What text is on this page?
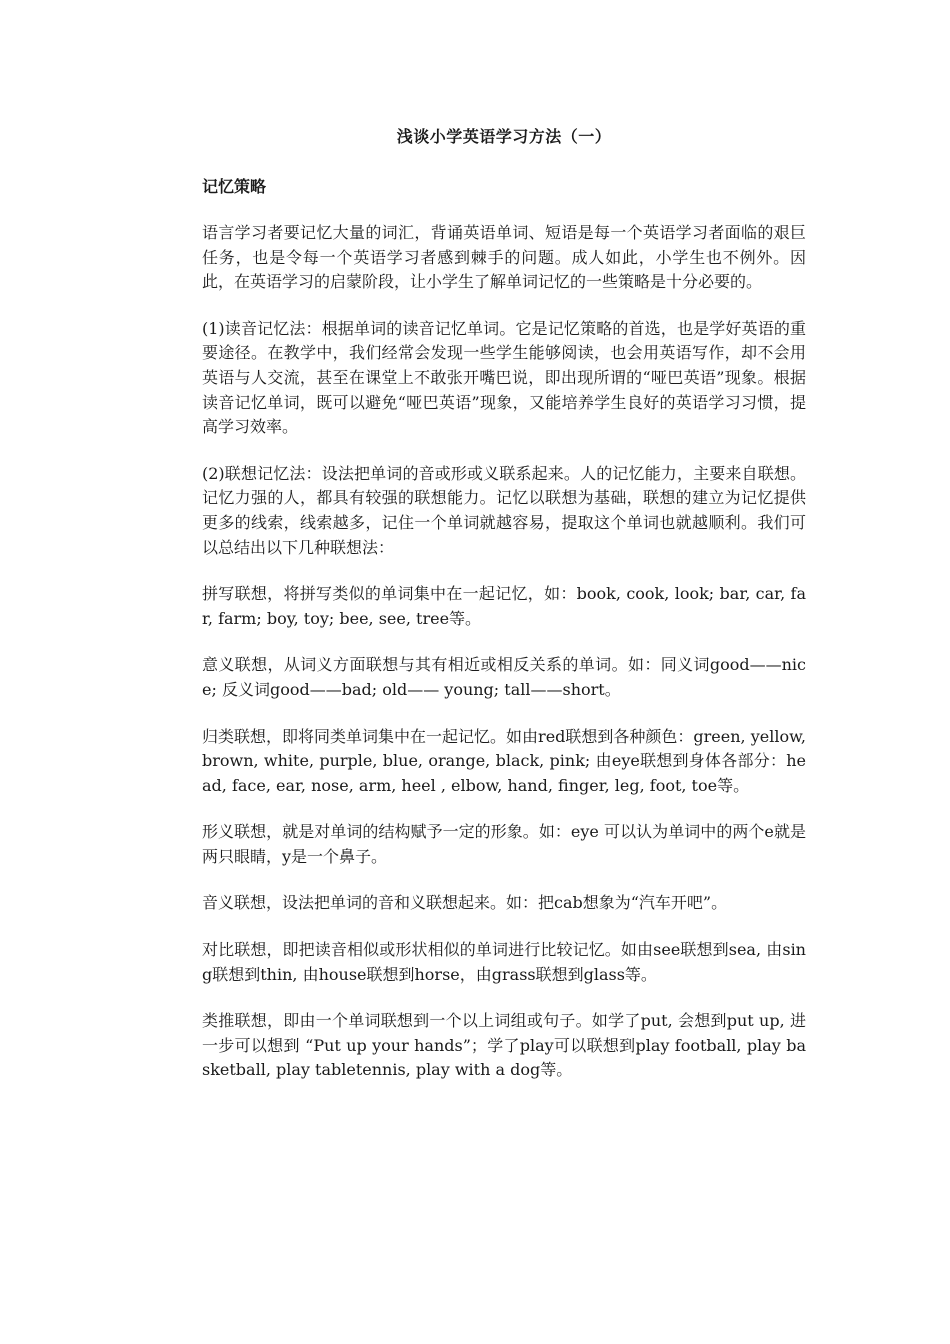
浅谈小学英语学习方法（一）
记忆策略

语言学习者要记忆大量的词汇，背诵英语单词、短语是每一个英语学习者面临的艰巨任务，也是令每一个英语学习者感到棘手的问题。成人如此，小学生也不例外。因此，在英语学习的启蒙阶段，让小学生了解单词记忆的一些策略是十分必要的。

(1)读音记忆法：根据单词的读音记忆单词。它是记忆策略的首选，也是学好英语的重要途径。在教学中，我们经常会发现一些学生能够阅读，也会用英语写作，却不会用英语与人交流，甚至在课堂上不敢张开嘴巴说，即出现所谓的“哑巴英语”现象。根据读音记忆单词，既可以避免“哑巴英语”现象，又能培养学生良好的英语学习习惯，提高学习效率。

(2)联想记忆法：设法把单词的音或形或义联系起来。人的记忆能力，主要来自联想。记忆力强的人，都具有较强的联想能力。记忆以联想为基础，联想的建立为记忆提供更多的线索，线索越多，记住一个单词就越容易，提取这个单词也就越顺利。我们可以总结出以下几种联想法：

拼写联想，将拼写类似的单词集中在一起记忆，如：book, cook, look; bar, car, far, farm; boy, toy; bee, see, tree等。

意义联想，从词义方面联想与其有相近或相反关系的单词。如：同义词good——nice; 反义词good——bad; old—— young; tall——short。

归类联想，即将同类单词集中在一起记忆。如由red联想到各种颜色：green, yellow, brown, white, purple, blue, orange, black, pink; 由eye联想到身体各部分：head, face, ear, nose, arm, heel , elbow, hand, finger, leg, foot, toe等。

形义联想，就是对单词的结构赋予一定的形象。如：eye 可以认为单词中的两个e就是两只眼睛，y是一个鼻子。

音义联想，设法把单词的音和义联想起来。如：把cab想象为“汽车开吧”。

对比联想，即把读音相似或形状相似的单词进行比较记忆。如由see联想到sea, 由sing联想到thin, 由house联想到horse，由grass联想到glass等。

类推联想，即由一个单词联想到一个以上词组或句子。如学了put, 会想到put up, 进一步可以想到 “Put up your hands”；学了play可以联想到play football, play basketball, play tabletennis, play with a dog等。
